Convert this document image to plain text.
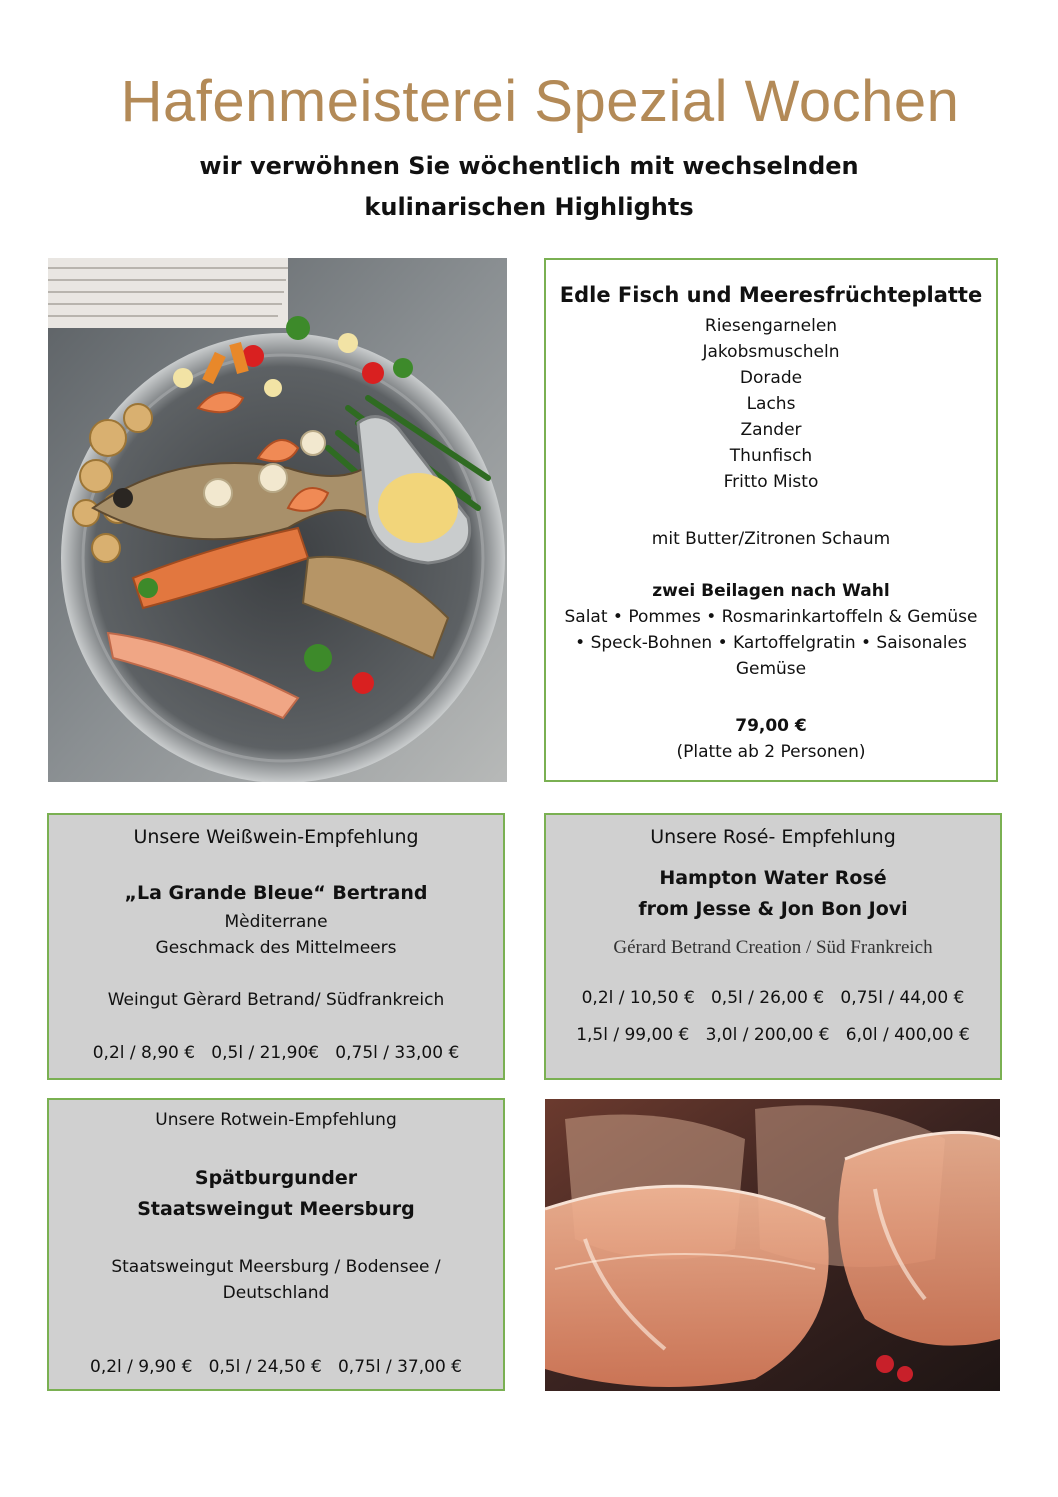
Hafenmeisterei Spezial Wochen
wir verwöhnen Sie wöchentlich mit wechselnden
kulinarischen Highlights
Edle Fisch und Meeresfrüchteplatte
Riesengarnelen
Jakobsmuscheln
Dorade
Lachs
Zander
Thunfisch
Fritto Misto
mit Butter/Zitronen Schaum
zwei Beilagen nach Wahl
Salat • Pommes • Rosmarinkartoffeln & Gemüse
• Speck-Bohnen • Kartoffelgratin • Saisonales
Gemüse
79,00 €
(Platte ab 2 Personen)
Unsere Weißwein-Empfehlung
„La Grande Bleue“ Bertrand
Mèditerrane
Geschmack des Mittelmeers
Weingut Gèrard Betrand/ Südfrankreich
0,2l / 8,90 €   0,5l / 21,90€   0,75l / 33,00 €
Unsere Rosé- Empfehlung
Hampton Water Rosé
from Jesse & Jon Bon Jovi
Gérard Betrand Creation / Süd Frankreich
0,2l / 10,50 €   0,5l / 26,00 €   0,75l / 44,00 €
1,5l / 99,00 €   3,0l / 200,00 €   6,0l / 400,00 €
Unsere Rotwein-Empfehlung
Spätburgunder
Staatsweingut Meersburg
Staatsweingut Meersburg / Bodensee /
Deutschland
0,2l / 9,90 €   0,5l / 24,50 €   0,75l / 37,00 €
